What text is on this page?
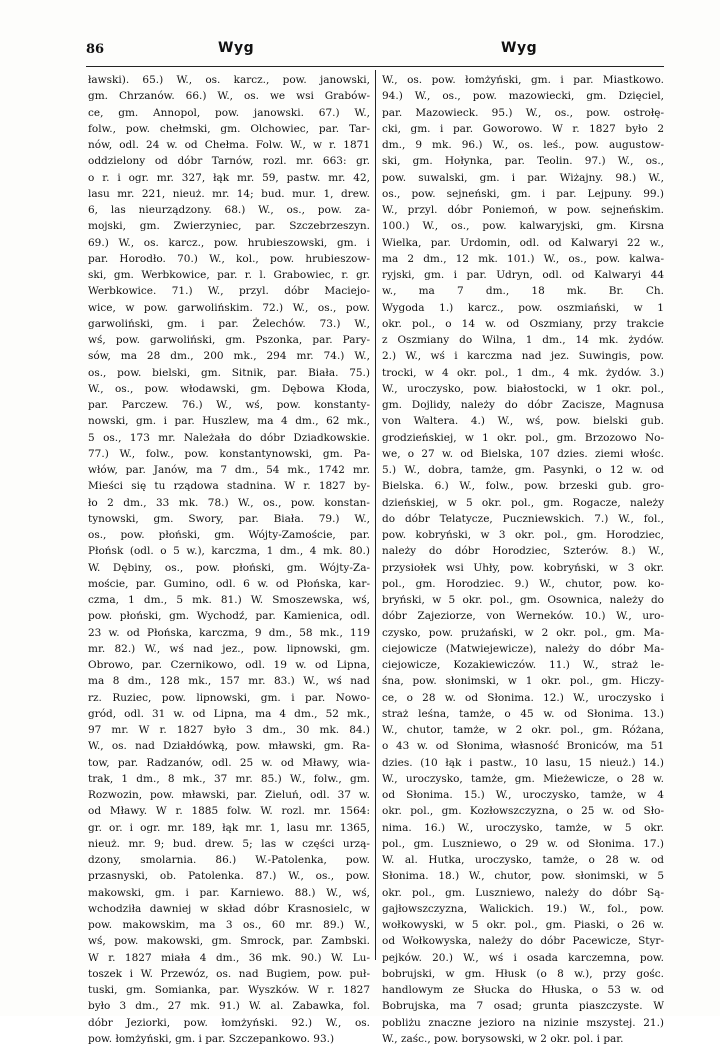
86	Wyg	Wyg
ławski). 65.) W., os. karcz., pow. janowski,
gm. Chrzanów. 66.) W., os. we wsi Grabów-
ce, gm. Annopol, pow. janowski. 67.) W.,
folw., pow. chełmski, gm. Olchowiec, par. Tar-
nów, odl. 24 w. od Chełma. Folw. W., w r. 1871
oddzielony od dóbr Tarnów, rozl. mr. 663: gr.
o r. i ogr. mr. 327, łąk mr. 59, pastw. mr. 42,
lasu mr. 221, nieuż. mr. 14; bud. mur. 1, drew.
6, las nieurządzony. 68.) W., os., pow. za-
mojski, gm. Zwierzyniec, par. Szczebrzeszyn.
69.) W., os. karcz., pow. hrubieszowski, gm. i
par. Horodło. 70.) W., kol., pow. hrubieszow-
ski, gm. Werbkowice, par. r. l. Grabowiec, r. gr.
Werbkowice. 71.) W., przyl. dóbr Maciejo-
wice, w pow. garwolińskim. 72.) W., os., pow.
garwoliński, gm. i par. Żelechów. 73.) W.,
wś, pow. garwoliński, gm. Pszonka, par. Pary-
sów, ma 28 dm., 200 mk., 294 mr. 74.) W.,
os., pow. bielski, gm. Sitnik, par. Biała. 75.)
W., os., pow. włodawski, gm. Dębowa Kłoda,
par. Parczew. 76.) W., wś, pow. konstanty-
nowski, gm. i par. Huszlew, ma 4 dm., 62 mk.,
5 os., 173 mr. Należała do dóbr Dziadkowskie.
77.) W., folw., pow. konstantynowski, gm. Pa-
włów, par. Janów, ma 7 dm., 54 mk., 1742 mr.
Mieści się tu rządowa stadnina. W r. 1827 by-
ło 2 dm., 33 mk. 78.) W., os., pow. konstan-
tynowski, gm. Swory, par. Biała. 79.) W.,
os., pow. płoński, gm. Wójty-Zamoście, par.
Płońsk (odl. o 5 w.), karczma, 1 dm., 4 mk. 80.)
W. Dębiny, os., pow. płoński, gm. Wójty-Za-
moście, par. Gumino, odl. 6 w. od Płońska, kar-
czma, 1 dm., 5 mk. 81.) W. Smoszewska, wś,
pow. płoński, gm. Wychodź, par. Kamienica, odl.
23 w. od Płońska, karczma, 9 dm., 58 mk., 119
mr. 82.) W., wś nad jez., pow. lipnowski, gm.
Obrowo, par. Czernikowo, odl. 19 w. od Lipna,
ma 8 dm., 128 mk., 157 mr. 83.) W., wś nad
rz. Ruziec, pow. lipnowski, gm. i par. Nowo-
gród, odl. 31 w. od Lipna, ma 4 dm., 52 mk.,
97 mr. W r. 1827 było 3 dm., 30 mk. 84.)
W., os. nad Działdówką, pow. mławski, gm. Ra-
tow, par. Radzanów, odl. 25 w. od Mławy, wia-
trak, 1 dm., 8 mk., 37 mr. 85.) W., folw., gm.
Rozwozin, pow. mławski, par. Zieluń, odl. 37 w.
od Mławy. W r. 1885 folw. W. rozl. mr. 1564:
gr. or. i ogr. mr. 189, łąk mr. 1, lasu mr. 1365,
nieuż. mr. 9; bud. drew. 5; las w części urzą-
dzony, smolarnia. 86.) W.-Patolenka, pow.
przasnyski, ob. Patolenka. 87.) W., os., pow.
makowski, gm. i par. Karniewo. 88.) W., wś,
wchodziła dawniej w skład dóbr Krasnosielc, w
pow. makowskim, ma 3 os., 60 mr. 89.) W.,
wś, pow. makowski, gm. Smrock, par. Zambski.
W r. 1827 miała 4 dm., 36 mk. 90.) W. Lu-
toszek i W. Przewóz, os. nad Bugiem, pow. puł-
tuski, gm. Somianka, par. Wyszków. W r. 1827
było 3 dm., 27 mk. 91.) W. al. Zabawka, fol.
dóbr Jeziorki, pow. łomżyński. 92.) W., os.
pow. łomżyński, gm. i par. Szczepankowo. 93.)
W., os. pow. łomżyński, gm. i par. Miastkowo.
94.) W., os., pow. mazowiecki, gm. Dzięciel,
par. Mazowieck. 95.) W., os., pow. ostrołę-
cki, gm. i par. Goworowo. W r. 1827 było 2
dm., 9 mk. 96.) W., os. leś., pow. augustow-
ski, gm. Hołynka, par. Teolin. 97.) W., os.,
pow. suwalski, gm. i par. Wiżajny. 98.) W.,
os., pow. sejneński, gm. i par. Lejpuny. 99.)
W., przyl. dóbr Poniemoń, w pow. sejneńskim.
100.) W., os., pow. kalwaryjski, gm. Kirsna
Wielka, par. Urdomin, odl. od Kalwaryi 22 w.,
ma 2 dm., 12 mk. 101.) W., os., pow. kalwa-
ryjski, gm. i par. Udryn, odl. od Kalwaryi 44
w., ma 7 dm., 18 mk. Br. Ch.
Wygoda 1.) karcz., pow. oszmiański, w 1
okr. pol., o 14 w. od Oszmiany, przy trakcie
z Oszmiany do Wilna, 1 dm., 14 mk. żydów.
2.) W., wś i karczma nad jez. Suwingis, pow.
trocki, w 4 okr. pol., 1 dm., 4 mk. żydów. 3.)
W., uroczysko, pow. białostocki, w 1 okr. pol.,
gm. Dojlidy, należy do dóbr Zacisze, Magnusa
von Waltera. 4.) W., wś, pow. bielski gub.
grodzieńskiej, w 1 okr. pol., gm. Brzozowo No-
we, o 27 w. od Bielska, 107 dzies. ziemi włośc.
5.) W., dobra, tamże, gm. Pasynki, o 12 w. od
Bielska. 6.) W., folw., pow. brzeski gub. gro-
dzieńskiej, w 5 okr. pol., gm. Rogacze, należy
do dóbr Telatycze, Puczniewskich. 7.) W., fol.,
pow. kobryński, w 3 okr. pol., gm. Horodziec,
należy do dóbr Horodziec, Szterów. 8.) W.,
przysiołek wsi Uhły, pow. kobryński, w 3 okr.
pol., gm. Horodziec. 9.) W., chutor, pow. ko-
bryński, w 5 okr. pol., gm. Osownica, należy do
dóbr Zajeziorze, von Werneków. 10.) W., uro-
czysko, pow. prużański, w 2 okr. pol., gm. Ma-
ciejowicze (Matwiejewicze), należy do dóbr Ma-
ciejowicze, Kozakiewiczów. 11.) W., straż le-
śna, pow. słonimski, w 1 okr. pol., gm. Hiczy-
ce, o 28 w. od Słonima. 12.) W., uroczysko i
straż leśna, tamże, o 45 w. od Słonima. 13.)
W., chutor, tamże, w 2 okr. pol., gm. Różana,
o 43 w. od Słonima, własność Broniców, ma 51
dzies. (10 łąk i pastw., 10 lasu, 15 nieuż.) 14.)
W., uroczysko, tamże, gm. Mieżewicze, o 28 w.
od Słonima. 15.) W., uroczysko, tamże, w 4
okr. pol., gm. Kozłowszczyzna, o 25 w. od Sło-
nima. 16.) W., uroczysko, tamże, w 5 okr.
pol., gm. Luszniewo, o 29 w. od Słonima. 17.)
W. al. Hutka, uroczysko, tamże, o 28 w. od
Słonima. 18.) W., chutor, pow. słonimski, w 5
okr. pol., gm. Luszniewo, należy do dóbr Są-
gajłowszczyzna, Walickich. 19.) W., fol., pow.
wołkowyski, w 5 okr. pol., gm. Piaski, o 26 w.
od Wołkowyska, należy do dóbr Pacewicze, Styr-
pejków. 20.) W., wś i osada karczemna, pow.
bobrujski, w gm. Hłusk (o 8 w.), przy gośc.
handlowym ze Słucka do Hłuska, o 53 w. od
Bobrujska, ma 7 osad; grunta piaszczyste. W
pobliżu znaczne jezioro na nizinie mszystej. 21.)
W., zaśc., pow. borysowski, w 2 okr. pol. i par.
